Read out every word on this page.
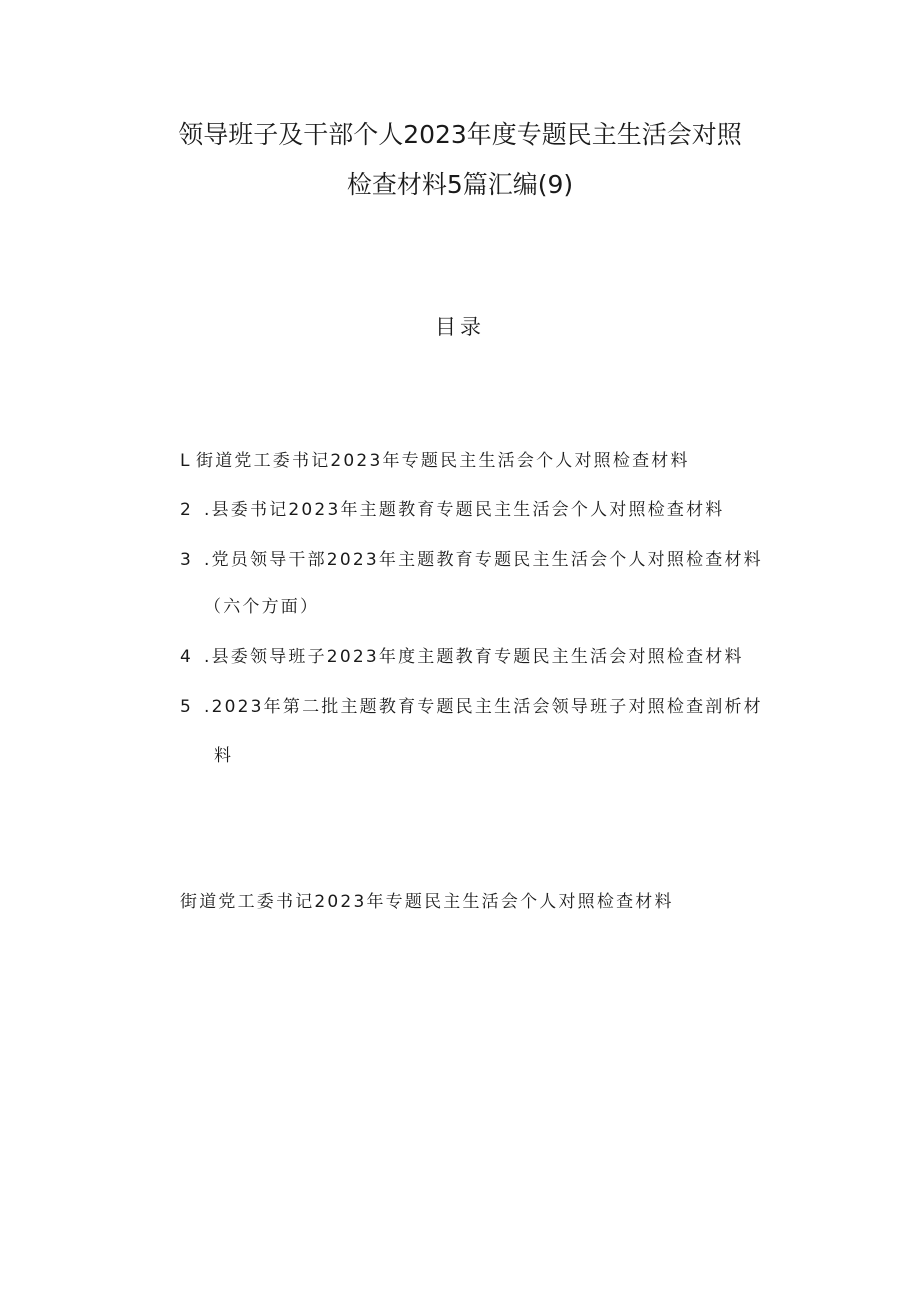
领导班子及干部个人2023年度专题民主生活会对照
检查材料5篇汇编(9)
目录
L 街道党工委书记2023年专题民主生活会个人对照检查材料
2 .县委书记2023年主题教育专题民主生活会个人对照检查材料
3 .党员领导干部2023年主题教育专题民主生活会个人对照检查材料
（六个方面）
4 .县委领导班子2023年度主题教育专题民主生活会对照检查材料
5 .2023年第二批主题教育专题民主生活会领导班子对照检查剖析材
料
街道党工委书记2023年专题民主生活会个人对照检查材料
